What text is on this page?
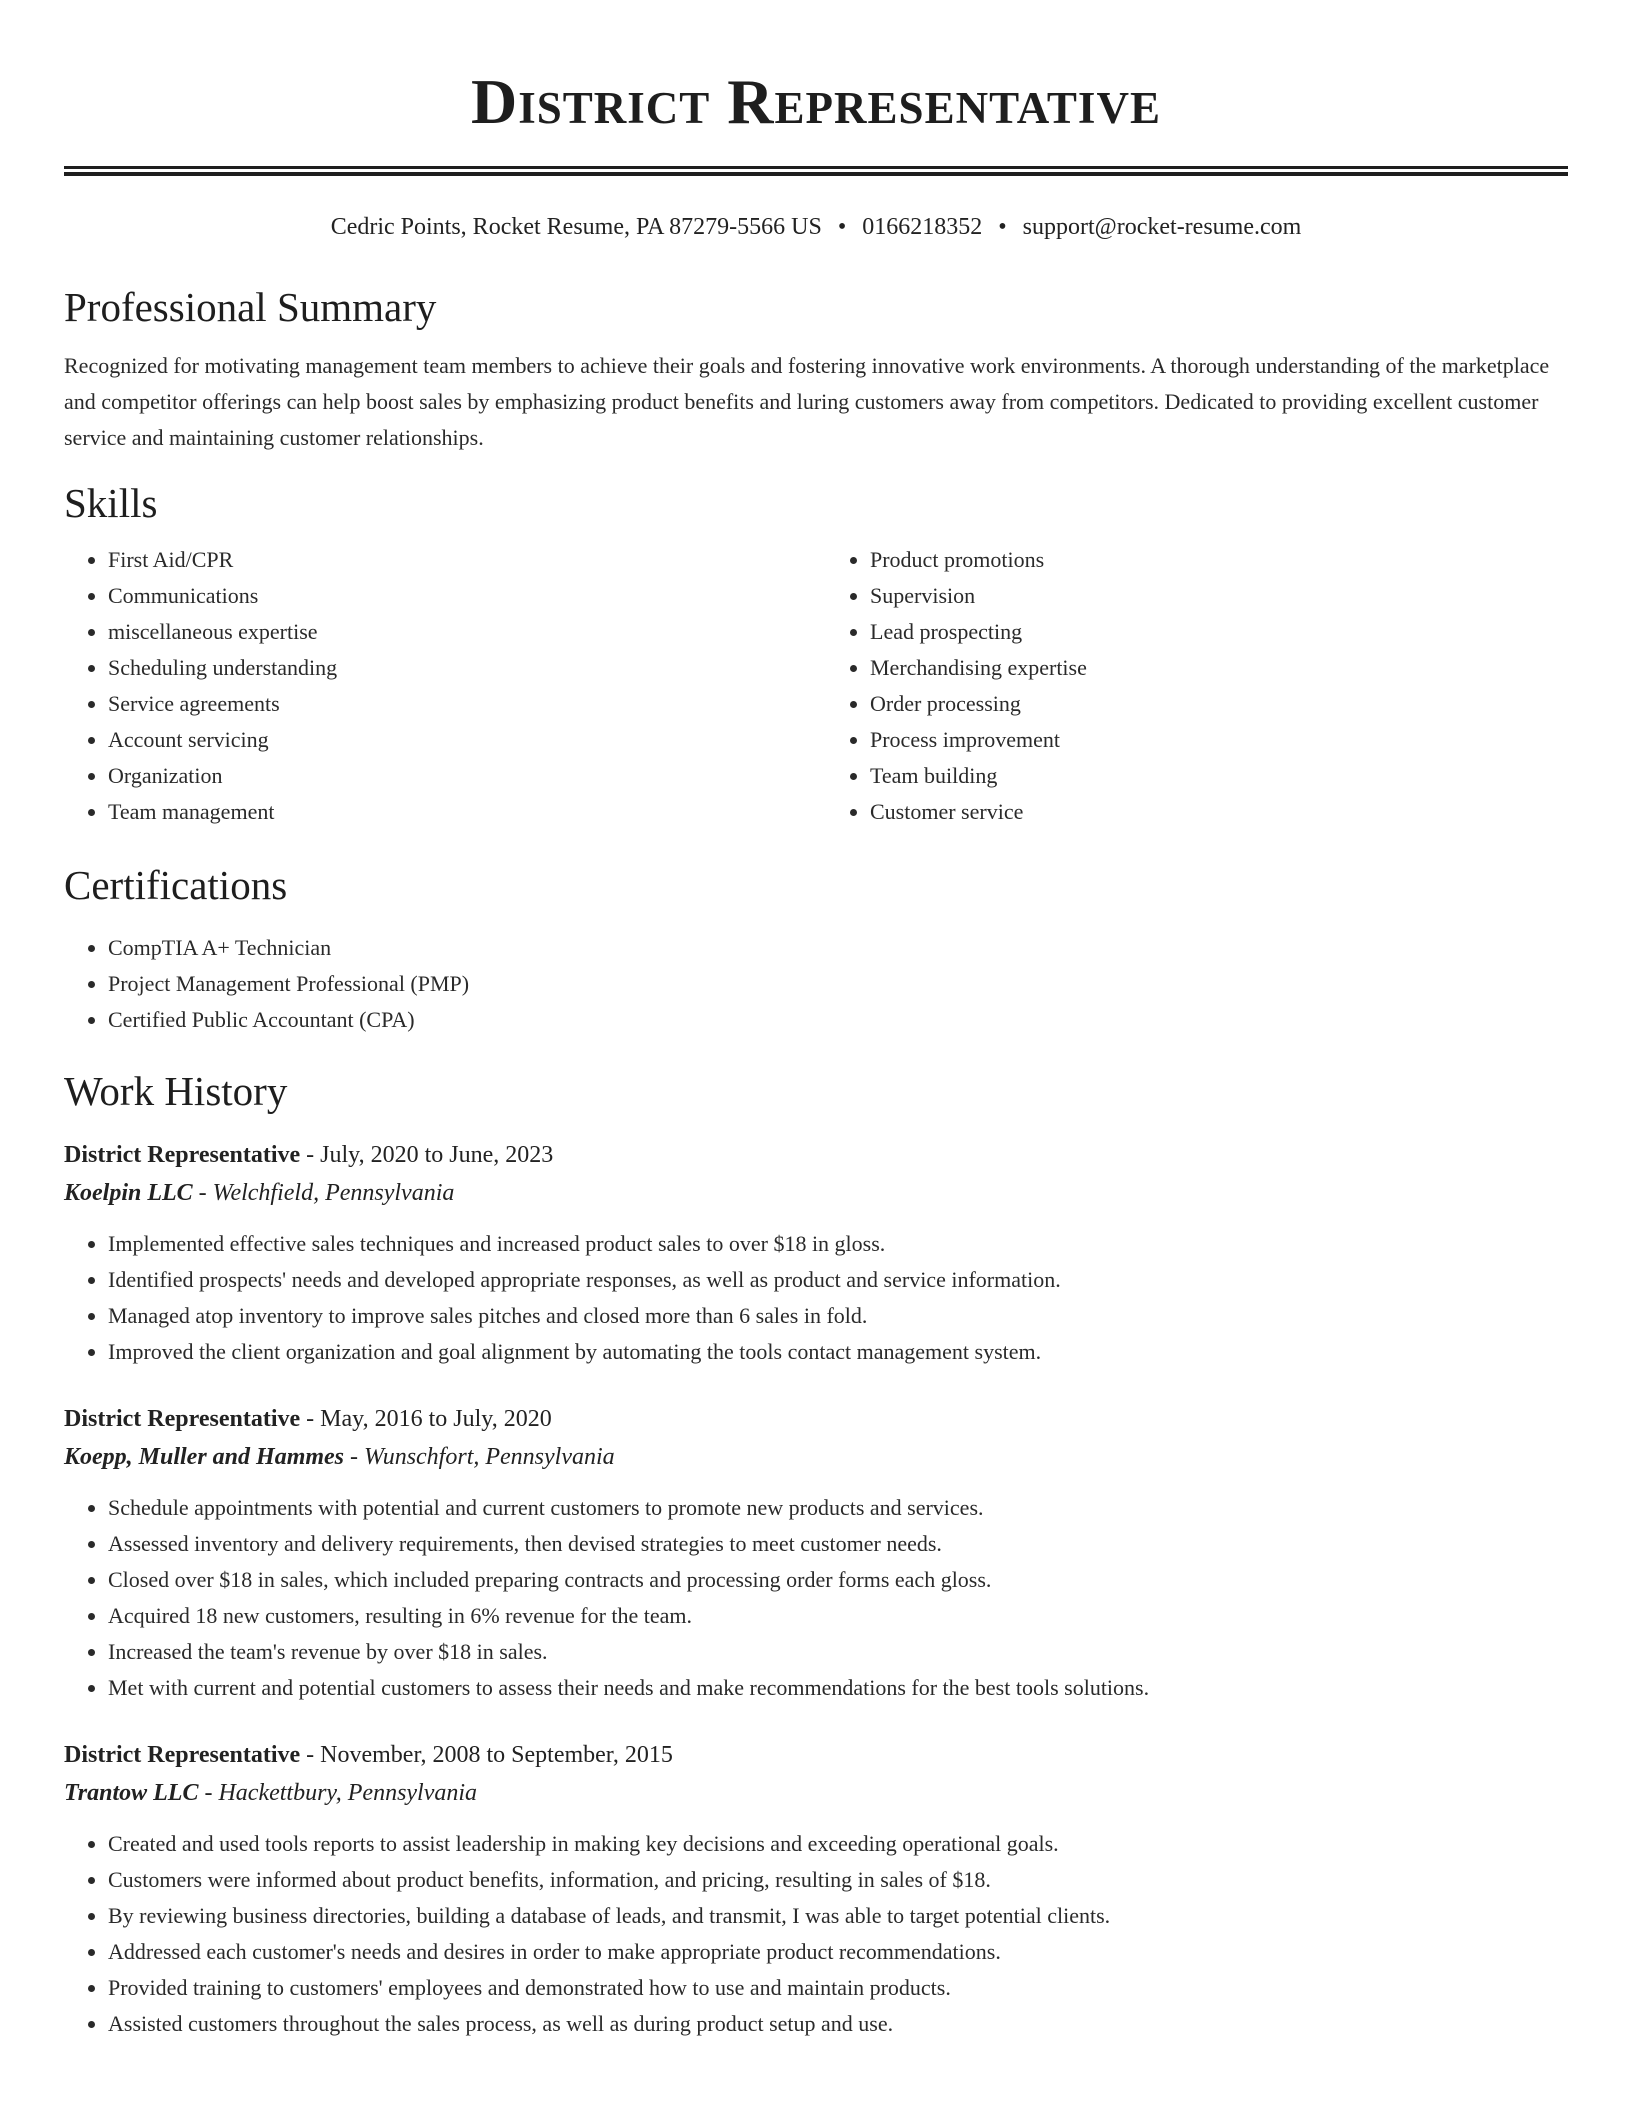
District Representative
Cedric Points, Rocket Resume, PA 87279-5566 US • 0166218352 • support@rocket-resume.com
Professional Summary
Recognized for motivating management team members to achieve their goals and fostering innovative work environments. A thorough understanding of the marketplace and competitor offerings can help boost sales by emphasizing product benefits and luring customers away from competitors. Dedicated to providing excellent customer service and maintaining customer relationships.
Skills
• First Aid/CPR
• Communications
• miscellaneous expertise
• Scheduling understanding
• Service agreements
• Account servicing
• Organization
• Team management
• Product promotions
• Supervision
• Lead prospecting
• Merchandising expertise
• Order processing
• Process improvement
• Team building
• Customer service
Certifications
• CompTIA A+ Technician
• Project Management Professional (PMP)
• Certified Public Accountant (CPA)
Work History
District Representative - July, 2020 to June, 2023
Koelpin LLC - Welchfield, Pennsylvania
• Implemented effective sales techniques and increased product sales to over $18 in gloss.
• Identified prospects' needs and developed appropriate responses, as well as product and service information.
• Managed atop inventory to improve sales pitches and closed more than 6 sales in fold.
• Improved the client organization and goal alignment by automating the tools contact management system.
District Representative - May, 2016 to July, 2020
Koepp, Muller and Hammes - Wunschfort, Pennsylvania
• Schedule appointments with potential and current customers to promote new products and services.
• Assessed inventory and delivery requirements, then devised strategies to meet customer needs.
• Closed over $18 in sales, which included preparing contracts and processing order forms each gloss.
• Acquired 18 new customers, resulting in 6% revenue for the team.
• Increased the team's revenue by over $18 in sales.
• Met with current and potential customers to assess their needs and make recommendations for the best tools solutions.
District Representative - November, 2008 to September, 2015
Trantow LLC - Hackettbury, Pennsylvania
• Created and used tools reports to assist leadership in making key decisions and exceeding operational goals.
• Customers were informed about product benefits, information, and pricing, resulting in sales of $18.
• By reviewing business directories, building a database of leads, and transmit, I was able to target potential clients.
• Addressed each customer's needs and desires in order to make appropriate product recommendations.
• Provided training to customers' employees and demonstrated how to use and maintain products.
• Assisted customers throughout the sales process, as well as during product setup and use.
